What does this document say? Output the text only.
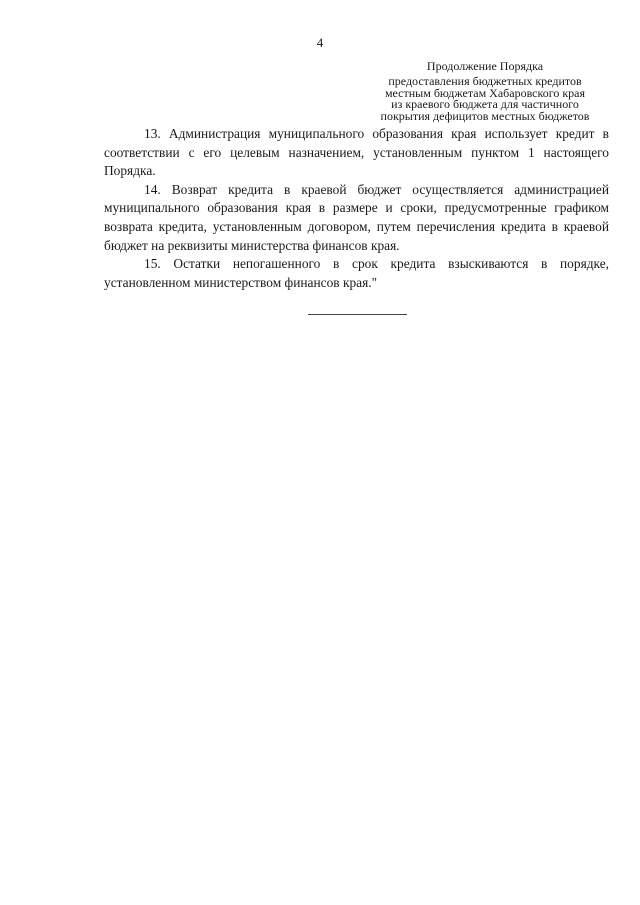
4
Продолжение Порядка
предоставления бюджетных кредитов
местным бюджетам Хабаровского края
из краевого бюджета для частичного
покрытия дефицитов местных бюджетов

13. Администрация муниципального образования края использует кредит в соответствии с его целевым назначением, установленным пунктом 1 настоящего Порядка.

14. Возврат кредита в краевой бюджет осуществляется администрацией муниципального образования края в размере и сроки, предусмотренные графиком возврата кредита, установленным договором, путем перечисления кредита в краевой бюджет на реквизиты министерства финансов края.

15. Остатки непогашенного в срок кредита взыскиваются в порядке, установленном министерством финансов края."
